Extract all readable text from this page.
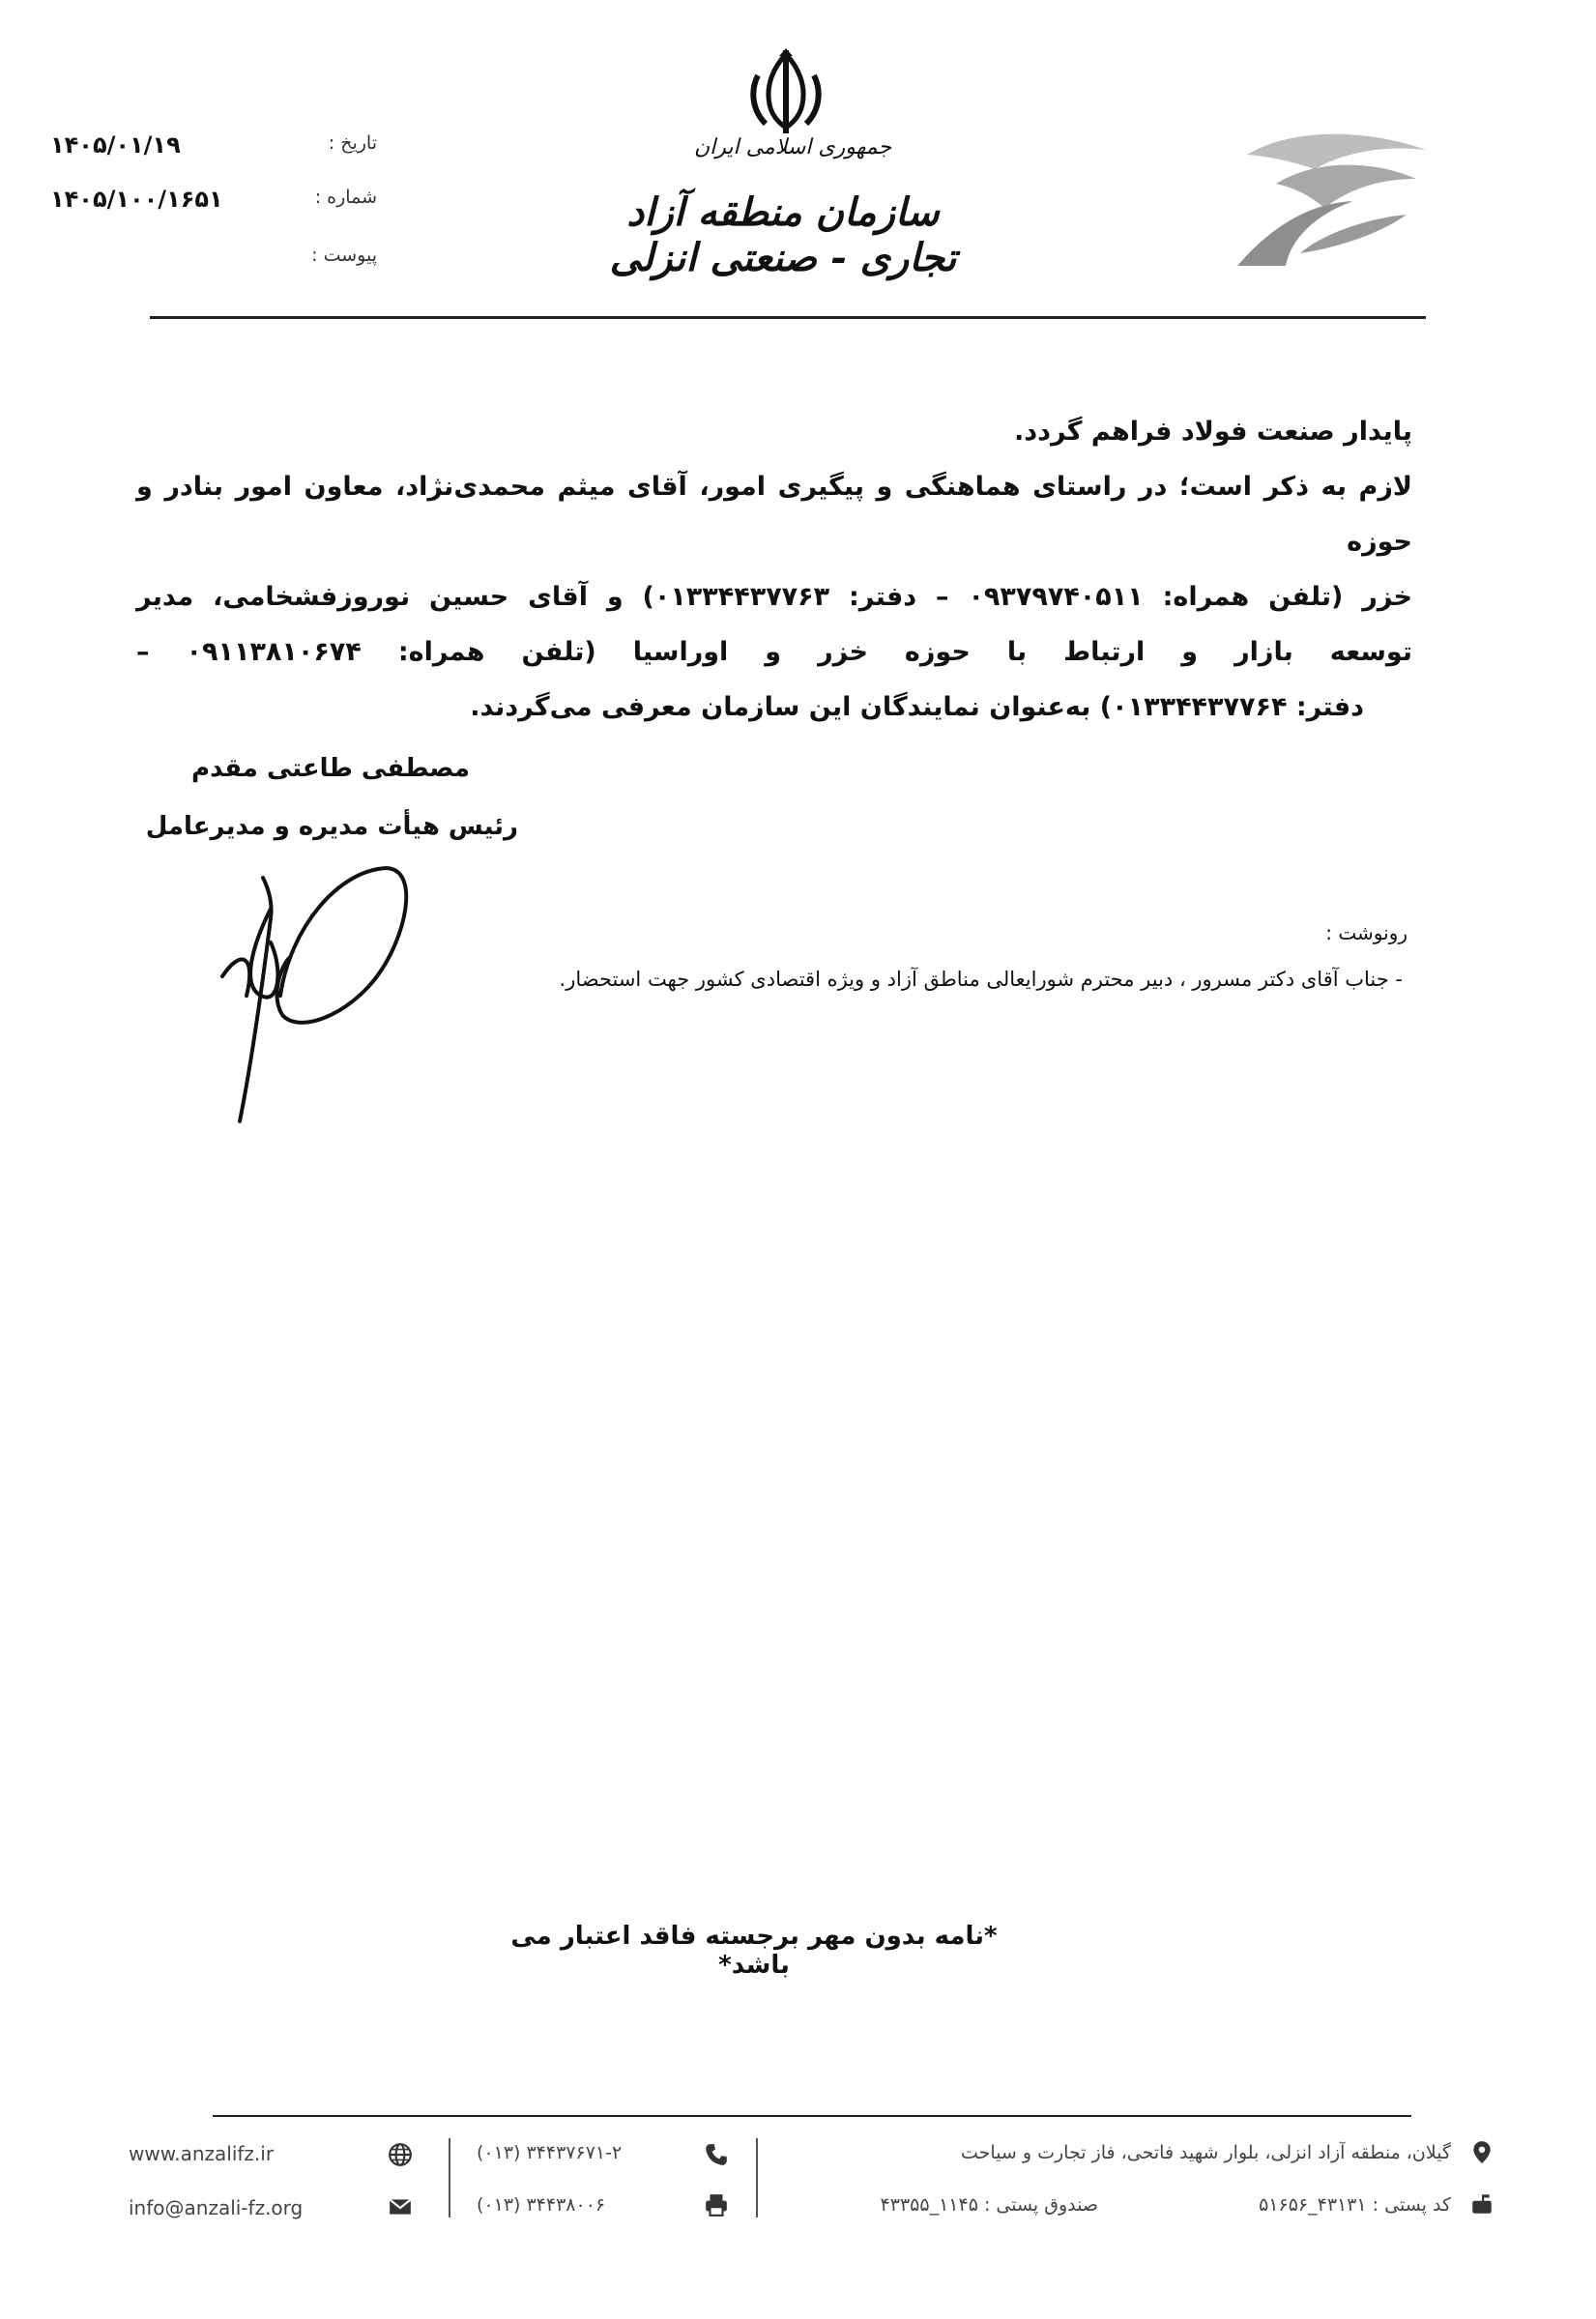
تاریخ :
۱۴۰۵/۰۱/۱۹
شماره :
۱۴۰۵/۱۰۰/۱۶۵۱
پیوست :
جمهوری اسلامی ایران
سازمان منطقه آزاد تجاری - صنعتی انزلی
پایدار صنعت فولاد فراهم گردد.
لازم به ذکر است؛ در راستای هماهنگی و پیگیری امور، آقای میثم محمدی‌نژاد، معاون امور بنادر و حوزه
خزر (تلفن همراه: ۰۹۳۷۹۷۴۰۵۱۱ – دفتر: ۰۱۳۳۴۴۳۷۷۶۳) و آقای حسین نوروزفشخامی، مدیر
توسعه بازار و ارتباط با حوزه خزر و اوراسیا (تلفن همراه: ۰۹۱۱۳۸۱۰۶۷۴ –
دفتر: ۰۱۳۳۴۴۳۷۷۶۴) به‌عنوان نمایندگان این سازمان معرفی می‌گردند.
مصطفی طاعتی مقدم
رئیس هیأت مدیره و مدیرعامل
رونوشت :
- جناب آقای دکتر مسرور ، دبیر محترم شورایعالی مناطق آزاد و ویژه اقتصادی کشور جهت استحضار.
*نامه بدون مهر برجسته فاقد اعتبار می باشد*
گیلان، منطقه آزاد انزلی، بلوار شهید فاتحی، فاز تجارت و سیاحت
کد پستی : ۴۳۱۳۱_۵۱۶۵۶
صندوق پستی : ۱۱۴۵_۴۳۳۵۵
(۰۱۳) ۳۴۴۳۷۶۷۱-۲
(۰۱۳) ۳۴۴۳۸۰۰۶
www.anzalifz.ir
info@anzali-fz.org
